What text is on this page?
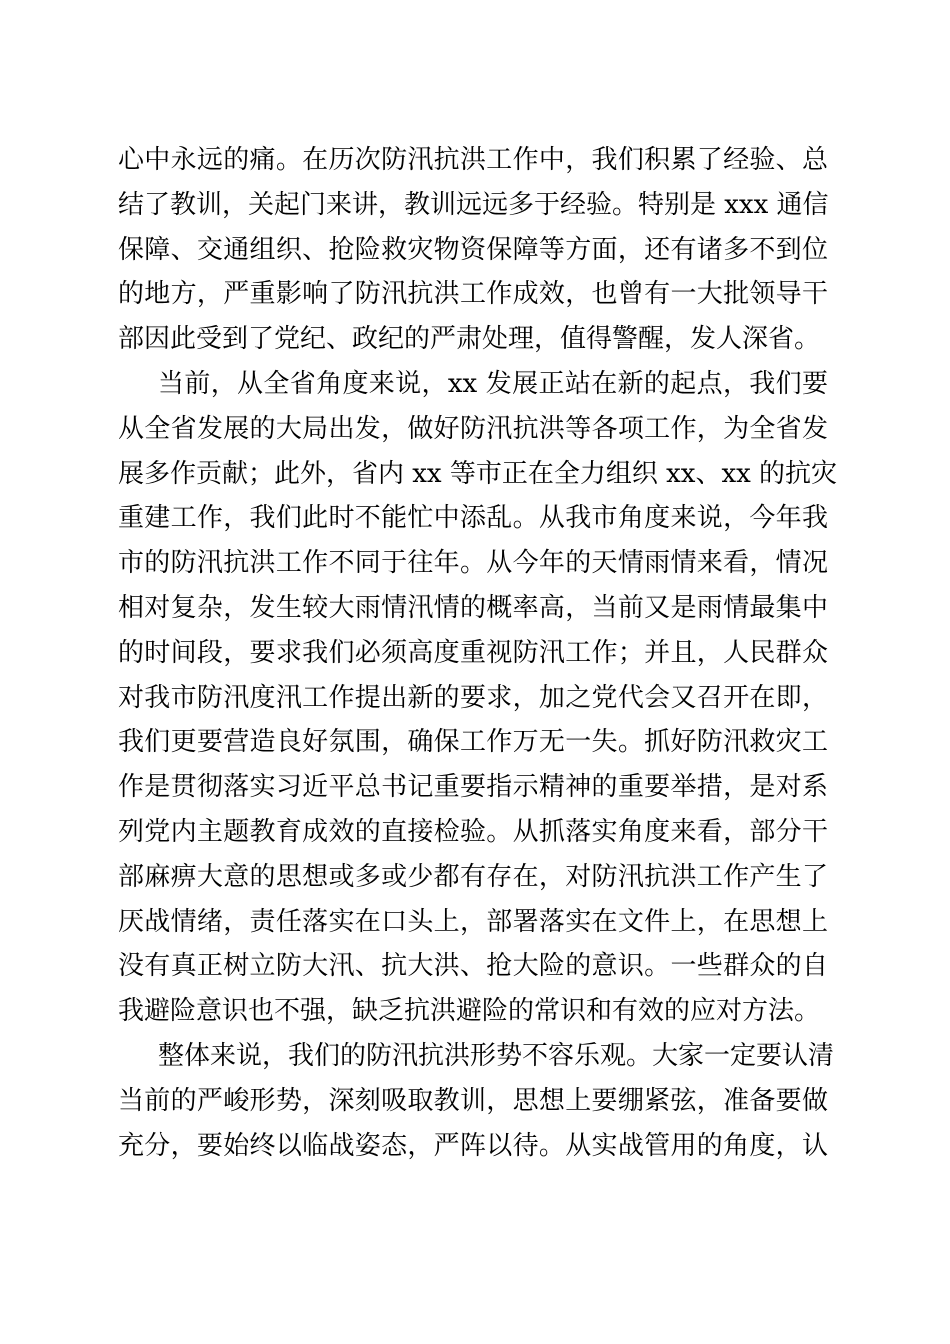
心中永远的痛。在历次防汛抗洪工作中，我们积累了经验、总
结了教训，关起门来讲，教训远远多于经验。特别是 xxx 通信
保障、交通组织、抢险救灾物资保障等方面，还有诸多不到位
的地方，严重影响了防汛抗洪工作成效，也曾有一大批领导干
部因此受到了党纪、政纪的严肃处理，值得警醒，发人深省。
当前，从全省角度来说，xx 发展正站在新的起点，我们要
从全省发展的大局出发，做好防汛抗洪等各项工作，为全省发
展多作贡献；此外，省内 xx 等市正在全力组织 xx、xx 的抗灾
重建工作，我们此时不能忙中添乱。从我市角度来说，今年我
市的防汛抗洪工作不同于往年。从今年的天情雨情来看，情况
相对复杂，发生较大雨情汛情的概率高，当前又是雨情最集中
的时间段，要求我们必须高度重视防汛工作；并且，人民群众
对我市防汛度汛工作提出新的要求，加之党代会又召开在即，
我们更要营造良好氛围，确保工作万无一失。抓好防汛救灾工
作是贯彻落实习近平总书记重要指示精神的重要举措，是对系
列党内主题教育成效的直接检验。从抓落实角度来看，部分干
部麻痹大意的思想或多或少都有存在，对防汛抗洪工作产生了
厌战情绪，责任落实在口头上，部署落实在文件上，在思想上
没有真正树立防大汛、抗大洪、抢大险的意识。一些群众的自
我避险意识也不强，缺乏抗洪避险的常识和有效的应对方法。
整体来说，我们的防汛抗洪形势不容乐观。大家一定要认清
当前的严峻形势，深刻吸取教训，思想上要绷紧弦，准备要做
充分，要始终以临战姿态，严阵以待。从实战管用的角度，认
